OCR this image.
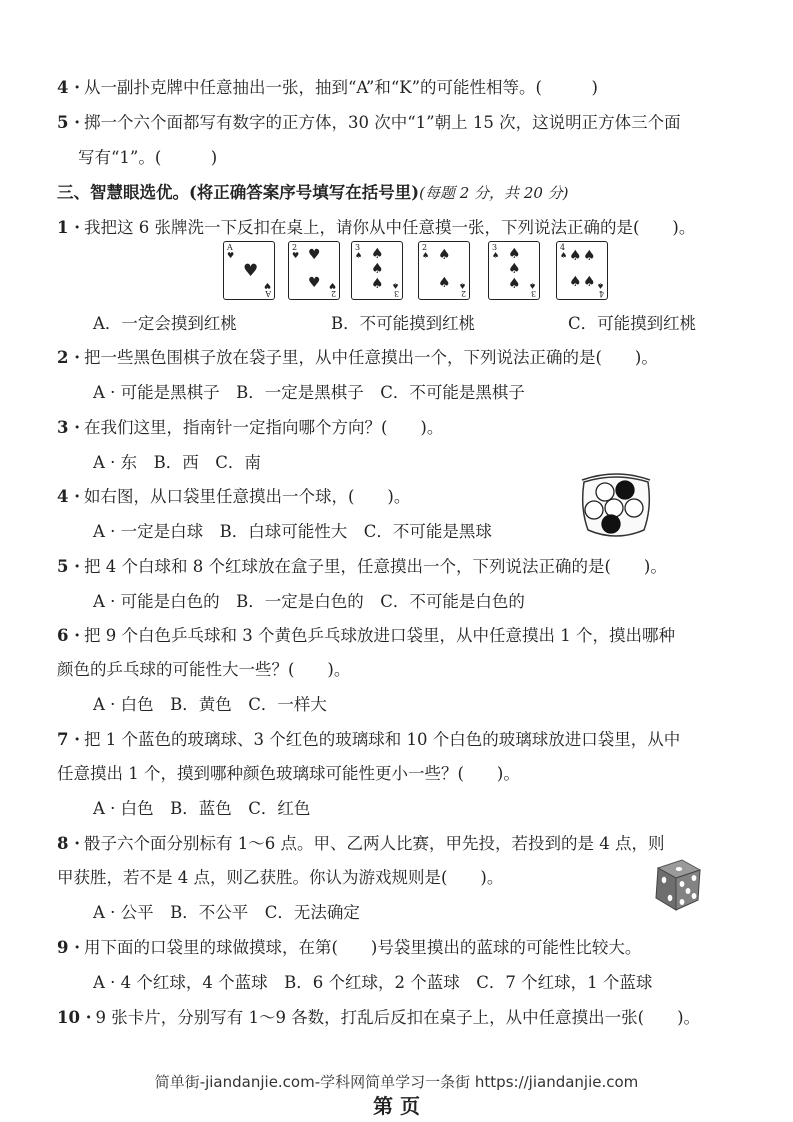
4 · 从一副扑克牌中任意抽出一张，抽到“A”和“K”的可能性相等。(　　　)
5 · 掷一个六个面都写有数字的正方体，30 次中“1”朝上 15 次，这说明正方体三个面
写有“1”。(　　　)
三、智慧眼选优。(将正确答案序号填写在括号里)(每题 2 分，共 20 分)
1 · 我把这 6 张牌洗一下反扣在桌上，请你从中任意摸一张，下列说法正确的是(　　)。
A
♥
♥
A
♥
2
♥ ♥
♥
2
♥
3
♠ ♠
♠
♠
3
♠
2
♠ ♠
♠
2
♠
3
♠ ♠
♠
♠
3
♠
4
♠ ♠ ♠
♠ ♠
4
♠
A．一定会摸到红桃	B．不可能摸到红桃	C．可能摸到红桃
2 · 把一些黑色围棋子放在袋子里，从中任意摸出一个，下列说法正确的是(　　)。
A · 可能是黑棋子　B．一定是黑棋子　C．不可能是黑棋子
3 · 在我们这里，指南针一定指向哪个方向？(　　)。
A · 东　B．西　C．南
4 · 如右图，从口袋里任意摸出一个球，(　　)。
A · 一定是白球　B．白球可能性大　C．不可能是黑球
5 · 把 4 个白球和 8 个红球放在盒子里，任意摸出一个，下列说法正确的是(　　)。
A · 可能是白色的　B．一定是白色的　C．不可能是白色的
6 · 把 9 个白色乒乓球和 3 个黄色乒乓球放进口袋里，从中任意摸出 1 个，摸出哪种
颜色的乒乓球的可能性大一些？(　　)。
A · 白色　B．黄色　C．一样大
7 · 把 1 个蓝色的玻璃球、3 个红色的玻璃球和 10 个白色的玻璃球放进口袋里，从中
任意摸出 1 个，摸到哪种颜色玻璃球可能性更小一些？(　　)。
A · 白色　B．蓝色　C．红色
8 · 骰子六个面分别标有 1～6 点。甲、乙两人比赛，甲先投，若投到的是 4 点，则
甲获胜，若不是 4 点，则乙获胜。你认为游戏规则是(　　)。
A · 公平　B．不公平　C．无法确定
9 · 用下面的口袋里的球做摸球，在第(　　)号袋里摸出的蓝球的可能性比较大。
A · 4 个红球，4 个蓝球　B．6 个红球，2 个蓝球　C．7 个红球，1 个蓝球
10 · 9 张卡片，分别写有 1～9 各数，打乱后反扣在桌子上，从中任意摸出一张(　　)。
简单街-jiandanjie.com-学科网简单学习一条街 https://jiandanjie.com
第 页
